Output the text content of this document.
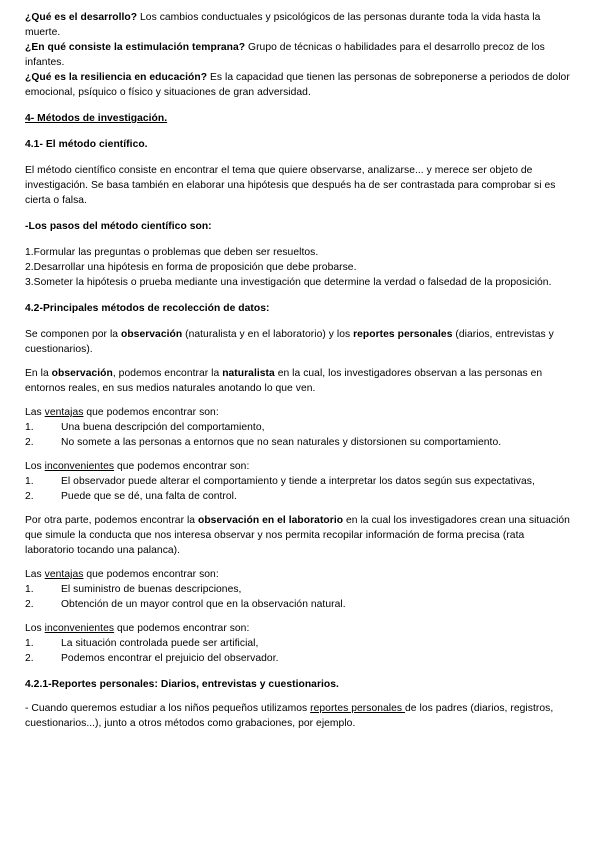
¿Qué es el desarrollo? Los cambios conductuales y psicológicos de las personas durante toda la vida hasta la muerte.

¿En qué consiste la estimulación temprana? Grupo de técnicas o habilidades para el desarrollo precoz de los infantes.

¿Qué es la resiliencia en educación? Es la capacidad que tienen las personas de sobreponerse a periodos de dolor emocional, psíquico o físico y situaciones de gran adversidad.

4- Métodos de investigación.

4.1- El método científico.

El método científico consiste en encontrar el tema que quiere observarse, analizarse... y merece ser objeto de investigación. Se basa también en elaborar una hipótesis que después ha de ser contrastada para comprobar si es cierta o falsa.

-Los pasos del método científico son:

1.Formular las preguntas o problemas que deben ser resueltos.

2.Desarrollar una hipótesis en forma de proposición que debe probarse.

3.Someter la hipótesis o prueba mediante una investigación que determine la verdad o falsedad de la proposición.

4.2-Principales métodos de recolección de datos:

Se componen por la observación (naturalista y en el laboratorio) y los reportes personales (diarios, entrevistas y cuestionarios).

En la observación, podemos encontrar la naturalista en la cual, los investigadores observan a las personas en entornos reales, en sus medios naturales anotando lo que ven.

Las ventajas que podemos encontrar son:

1.	Una buena descripción del comportamiento,

2.	No somete a las personas a entornos que no sean naturales y distorsionen su comportamiento.

Los inconvenientes que podemos encontrar son:

1.	El observador puede alterar el comportamiento y tiende a interpretar los datos según sus expectativas,

2.	Puede que se dé, una falta de control.

Por otra parte, podemos encontrar la observación en el laboratorio en la cual los investigadores crean una situación que simule la conducta que nos interesa observar y nos permita recopilar información de forma precisa (rata laboratorio tocando una palanca).

Las ventajas que podemos encontrar son:

1.	El suministro de buenas descripciones,

2.	Obtención de un mayor control que en la observación natural.

Los inconvenientes que podemos encontrar son:

1.	La situación controlada puede ser artificial,

2.	Podemos encontrar el prejuicio del observador.

4.2.1-Reportes personales: Diarios, entrevistas y cuestionarios.

- Cuando queremos estudiar a los niños pequeños utilizamos reportes personales de los padres (diarios, registros, cuestionarios...), junto a otros métodos como grabaciones, por ejemplo.
